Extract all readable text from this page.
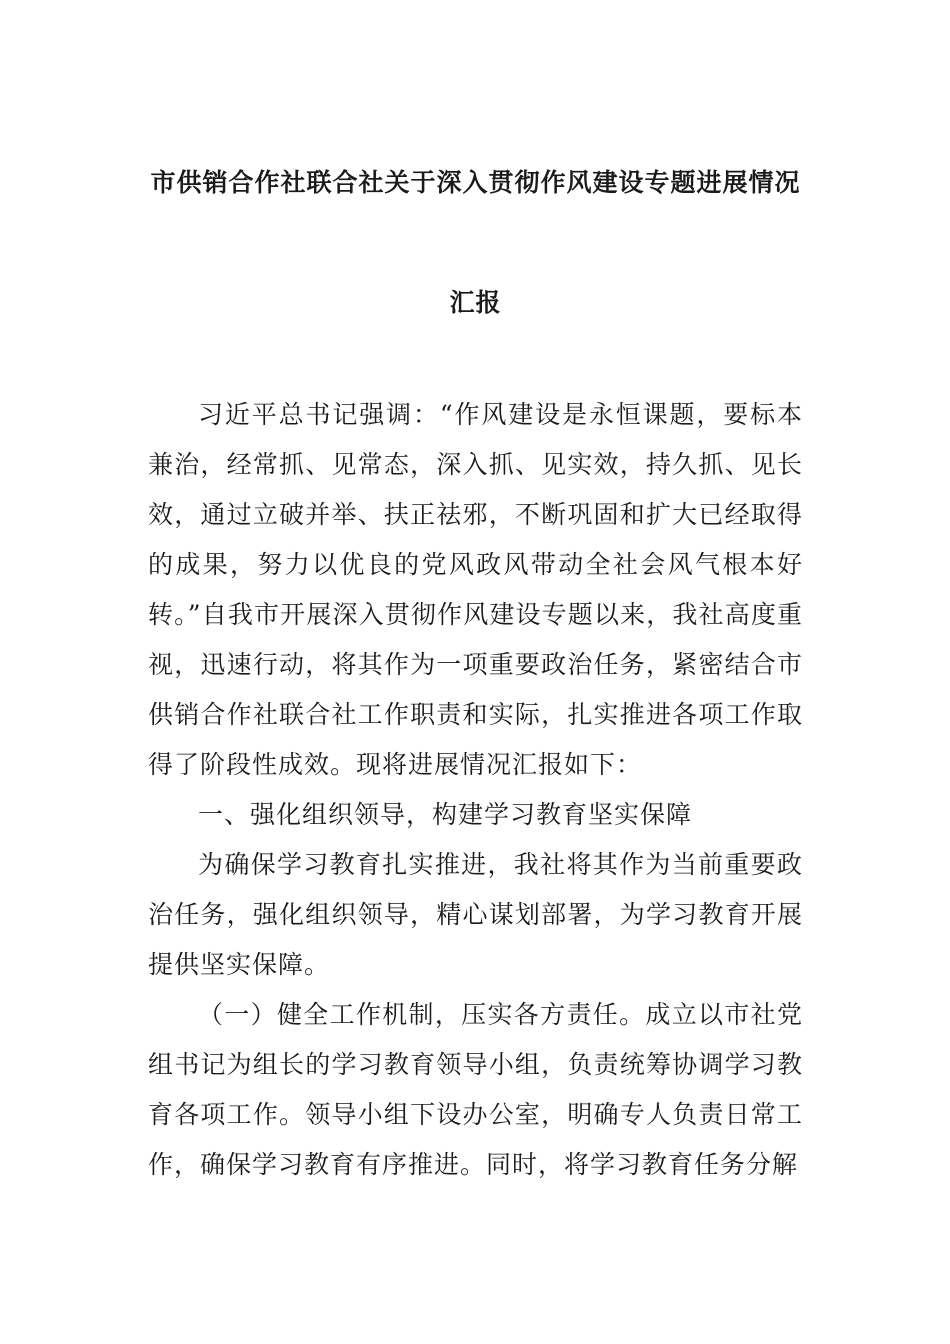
市供销合作社联合社关于深入贯彻作风建设专题进展情况
汇报

习近平总书记强调：“作风建设是永恒课题，要标本兼治，经常抓、见常态，深入抓、见实效，持久抓、见长效，通过立破并举、扶正祛邪，不断巩固和扩大已经取得的成果，努力以优良的党风政风带动全社会风气根本好转。”自我市开展深入贯彻作风建设专题以来，我社高度重视，迅速行动，将其作为一项重要政治任务，紧密结合市供销合作社联合社工作职责和实际，扎实推进各项工作取得了阶段性成效。现将进展情况汇报如下：

一、强化组织领导，构建学习教育坚实保障

为确保学习教育扎实推进，我社将其作为当前重要政治任务，强化组织领导，精心谋划部署，为学习教育开展提供坚实保障。

（一）健全工作机制，压实各方责任。成立以市社党组书记为组长的学习教育领导小组，负责统筹协调学习教育各项工作。领导小组下设办公室，明确专人负责日常工作，确保学习教育有序推进。同时，将学习教育任务分解
